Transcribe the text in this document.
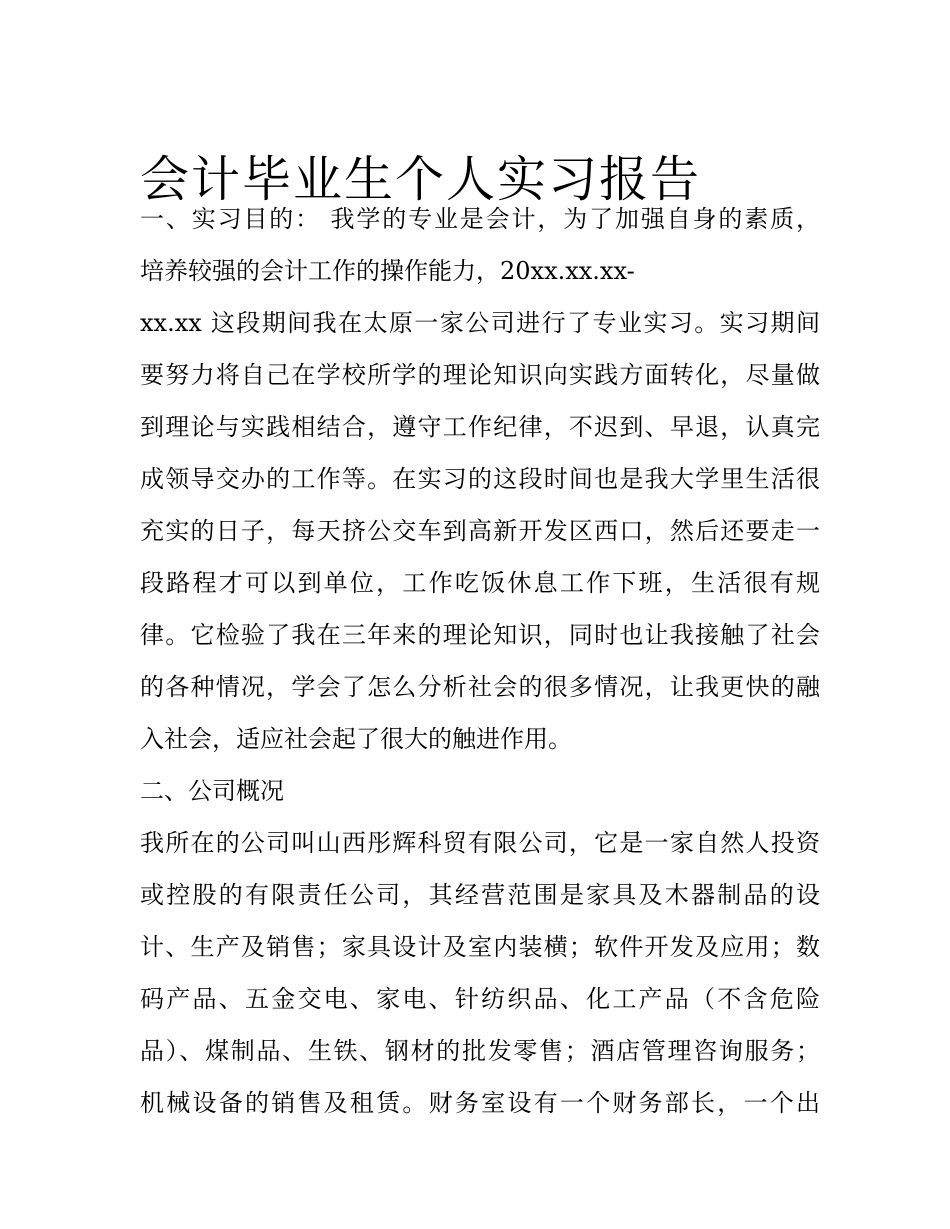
会计毕业生个人实习报告
一、实习目的： 我学的专业是会计，为了加强自身的素质，
培养较强的会计工作的操作能力，20xx.xx.xx-
xx.xx 这段期间我在太原一家公司进行了专业实习。实习期间
要努力将自己在学校所学的理论知识向实践方面转化，尽量做
到理论与实践相结合，遵守工作纪律，不迟到、早退，认真完
成领导交办的工作等。在实习的这段时间也是我大学里生活很
充实的日子，每天挤公交车到高新开发区西口，然后还要走一
段路程才可以到单位，工作吃饭休息工作下班，生活很有规
律。它检验了我在三年来的理论知识，同时也让我接触了社会
的各种情况，学会了怎么分析社会的很多情况，让我更快的融
入社会，适应社会起了很大的触进作用。
二、公司概况
我所在的公司叫山西彤辉科贸有限公司，它是一家自然人投资
或控股的有限责任公司，其经营范围是家具及木器制品的设
计、生产及销售；家具设计及室内装横；软件开发及应用；数
码产品、五金交电、家电、针纺织品、化工产品（不含危险
品）、煤制品、生铁、钢材的批发零售；酒店管理咨询服务；
机械设备的销售及租赁。财务室设有一个财务部长，一个出
